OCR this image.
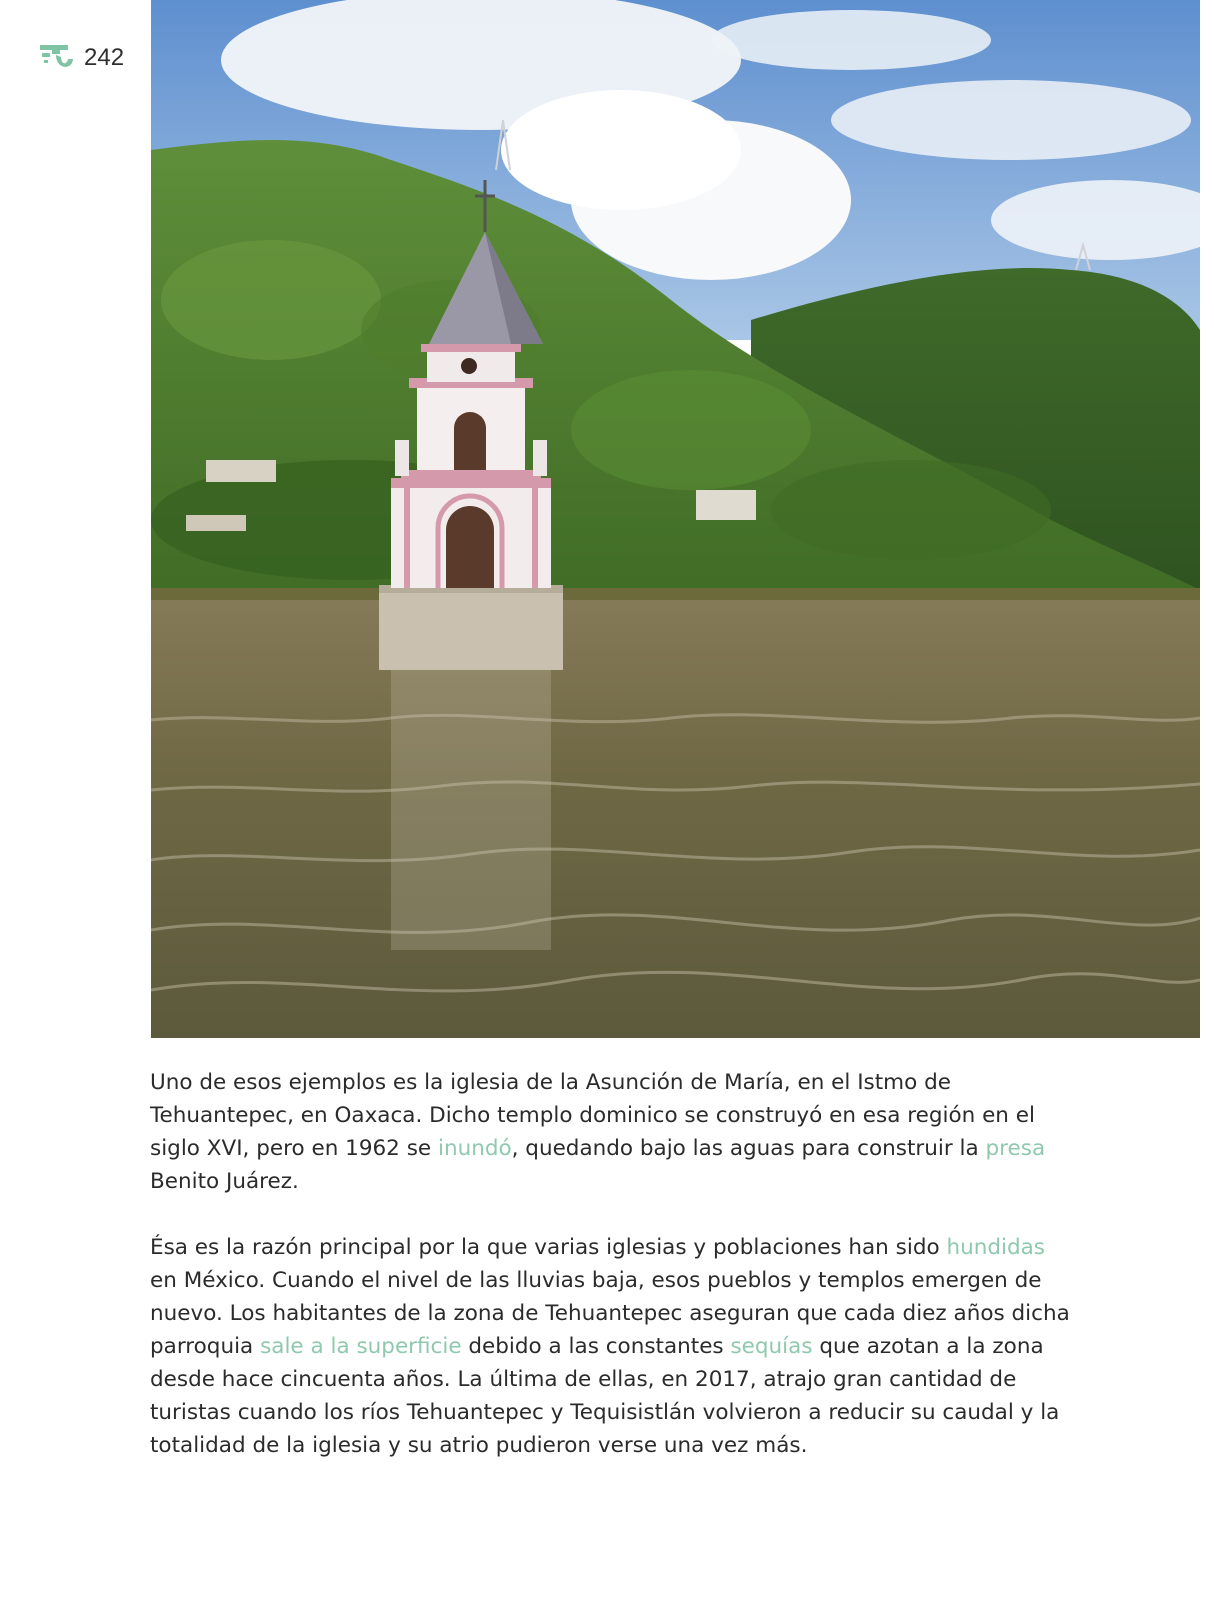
242

Uno de esos ejemplos es la iglesia de la Asunción de María, en el Istmo de Tehuantepec, en Oaxaca. Dicho templo dominico se construyó en esa región en el siglo XVI, pero en 1962 se inundó, quedando bajo las aguas para construir la presa Benito Juárez.

Ésa es la razón principal por la que varias iglesias y poblaciones han sido hundidas en México. Cuando el nivel de las lluvias baja, esos pueblos y templos emergen de nuevo. Los habitantes de la zona de Tehuantepec aseguran que cada diez años dicha parroquia sale a la superficie debido a las constantes sequías que azotan a la zona desde hace cincuenta años. La última de ellas, en 2017, atrajo gran cantidad de turistas cuando los ríos Tehuantepec y Tequisistlán volvieron a reducir su caudal y la totalidad de la iglesia y su atrio pudieron verse una vez más.
